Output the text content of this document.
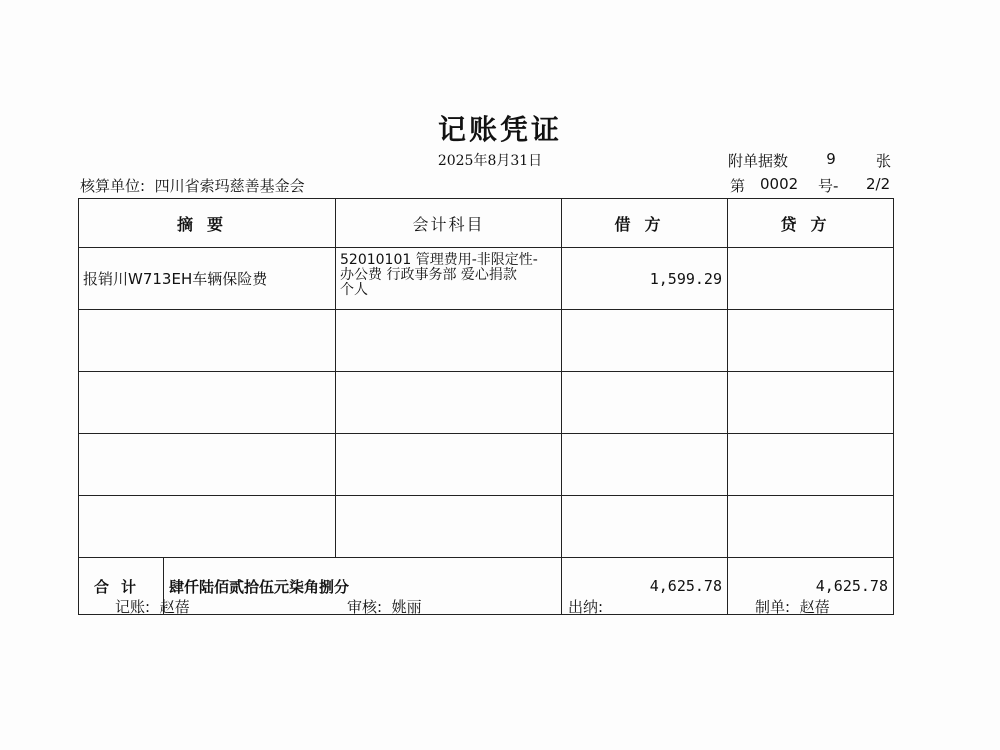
记账凭证
2025年8月31日	附单据数	9	张
核算单位: 四川省索玛慈善基金会	第 0002 号- 2/2
摘要		会计科目	借方	贷方
报销川W713EH车辆保险费		52010101 管理费用-非限定性-
办公费 行政事务部 爱心捐款
个人	1,599.29	

合计	肆仟陆佰贰拾伍元柒角捌分		4,625.78	4,625.78
记账: 赵蓓	审核: 姚丽	出纳:	制单: 赵蓓
